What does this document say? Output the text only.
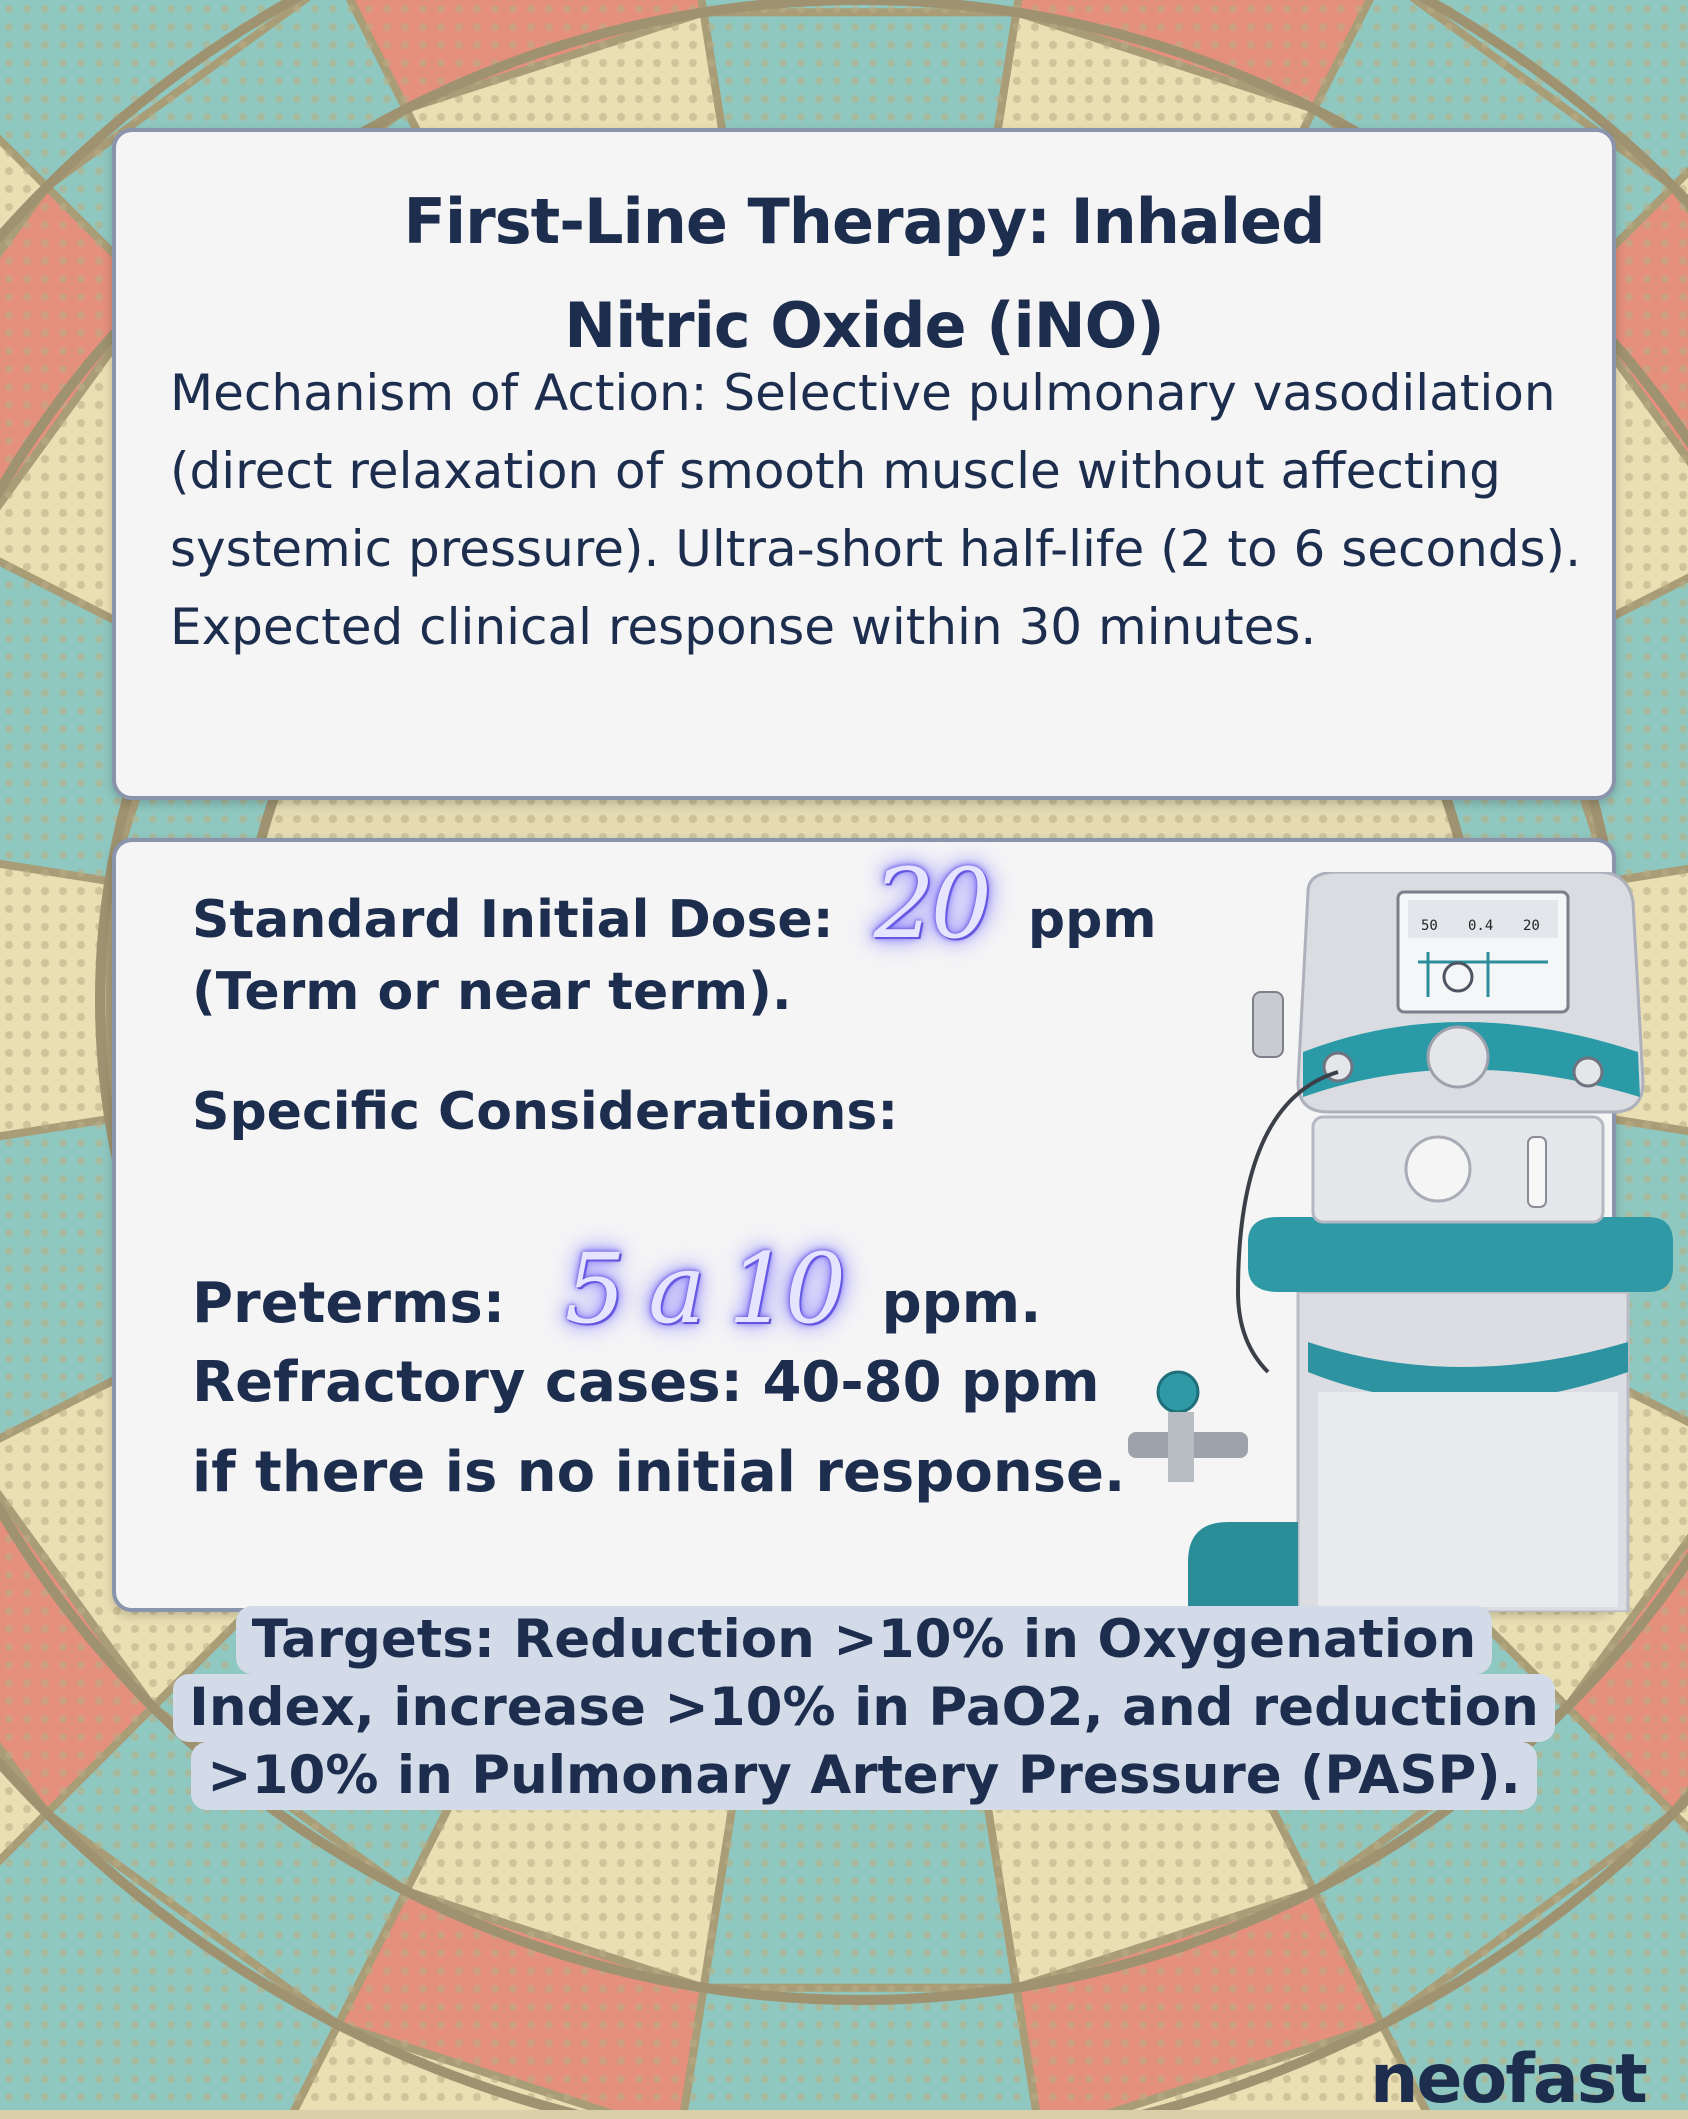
First-Line Therapy: Inhaled
Nitric Oxide (iNO)
Mechanism of Action: Selective pulmonary vasodilation (direct relaxation of smooth muscle without affecting systemic pressure). Ultra-short half-life (2 to 6 seconds). Expected clinical response within 30 minutes.
Standard Initial Dose: 20 ppm
(Term or near term).
Specific Considerations:
Preterms: 5 a 10 ppm.
Refractory cases: 40-80 ppm
if there is no initial response.
50 0.4 20
Targets: Reduction >10% in Oxygenation
Index, increase >10% in PaO2, and reduction
>10% in Pulmonary Artery Pressure (PASP).
neofast
